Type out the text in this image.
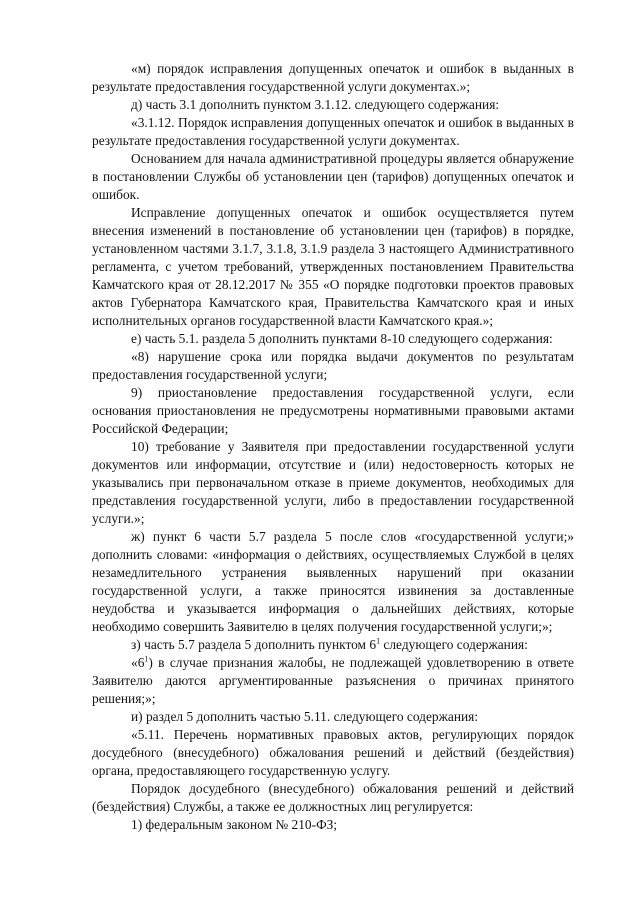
«м) порядок исправления допущенных опечаток и ошибок в выданных в результате предоставления государственной услуги документах.»;

д) часть 3.1 дополнить пунктом 3.1.12. следующего содержания:

«3.1.12. Порядок исправления допущенных опечаток и ошибок в выданных в результате предоставления государственной услуги документах.

Основанием для начала административной процедуры является обнаружение в постановлении Службы об установлении цен (тарифов) допущенных опечаток и ошибок.

Исправление допущенных опечаток и ошибок осуществляется путем внесения изменений в постановление об установлении цен (тарифов) в порядке, установленном частями 3.1.7, 3.1.8, 3.1.9 раздела 3 настоящего Административного регламента, с учетом требований, утвержденных постановлением Правительства Камчатского края от 28.12.2017 № 355 «О порядке подготовки проектов правовых актов Губернатора Камчатского края, Правительства Камчатского края и иных исполнительных органов государственной власти Камчатского края.»;

е) часть 5.1. раздела 5 дополнить пунктами 8-10 следующего содержания:

«8) нарушение срока или порядка выдачи документов по результатам предоставления государственной услуги;

9) приостановление предоставления государственной услуги, если основания приостановления не предусмотрены нормативными правовыми актами Российской Федерации;

10) требование у Заявителя при предоставлении государственной услуги документов или информации, отсутствие и (или) недостоверность которых не указывались при первоначальном отказе в приеме документов, необходимых для представления государственной услуги, либо в предоставлении государственной услуги.»;

ж) пункт 6 части 5.7 раздела 5 после слов «государственной услуги;» дополнить словами: «информация о действиях, осуществляемых Службой в целях незамедлительного устранения выявленных нарушений при оказании государственной услуги, а также приносятся извинения за доставленные неудобства и указывается информация о дальнейших действиях, которые необходимо совершить Заявителю в целях получения государственной услуги;»;

з) часть 5.7 раздела 5 дополнить пунктом $6^1$ следующего содержания:

«$6^1$) в случае признания жалобы, не подлежащей удовлетворению в ответе Заявителю даются аргументированные разъяснения о причинах принятого решения;»;

и) раздел 5 дополнить частью 5.11. следующего содержания:

«5.11. Перечень нормативных правовых актов, регулирующих порядок досудебного (внесудебного) обжалования решений и действий (бездействия) органа, предоставляющего государственную услугу.

Порядок досудебного (внесудебного) обжалования решений и действий (бездействия) Службы, а также ее должностных лиц регулируется:

1) федеральным законом № 210-ФЗ;
